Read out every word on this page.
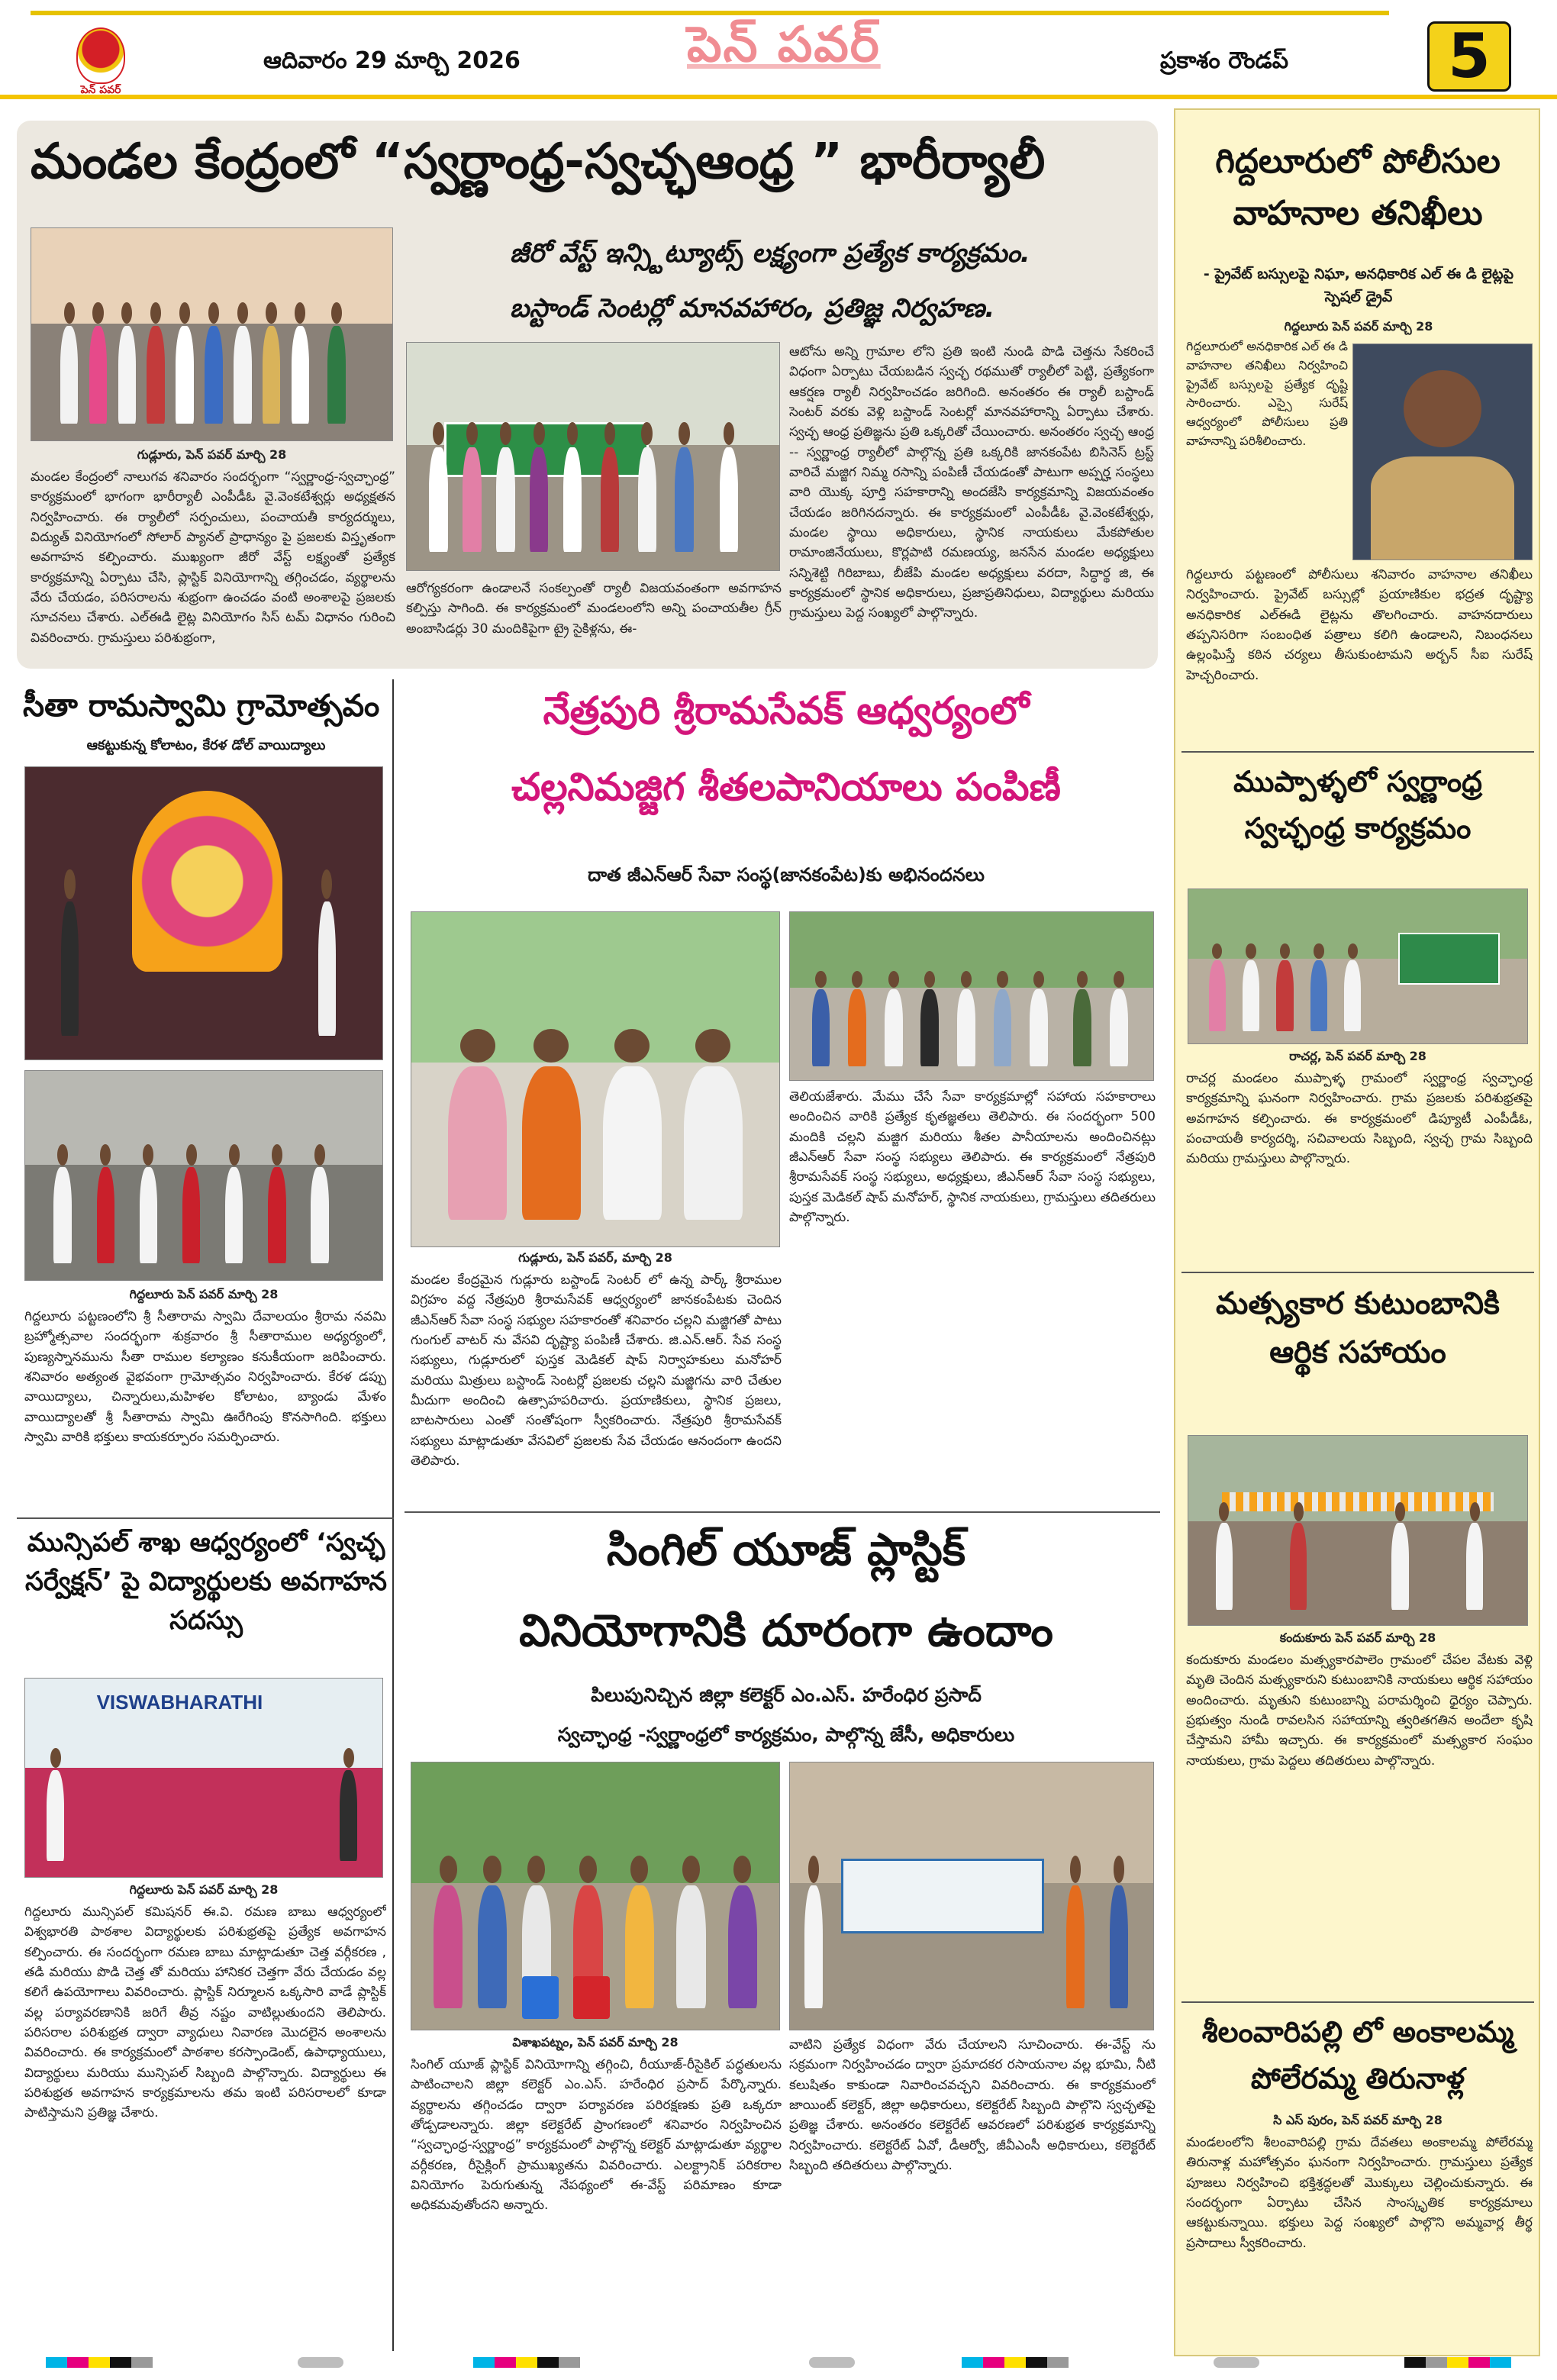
పెన్ పవర్
ఆదివారం 29 మార్చి 2026	పెన్ పవర్	ప్రకాశం రౌండప్	5
మండల కేంద్రంలో “స్వర్ణాంధ్ర-స్వచ్ఛఆంధ్ర ” భారీర్యాలీ
గుడ్లూరు, పెన్ పవర్ మార్చి 28
మండల కేంద్రంలో నాలుగవ శనివారం సందర్భంగా “స్వర్ణాంధ్ర-స్వచ్ఛాంధ్ర” కార్యక్రమంలో భాగంగా భారీర్యాలీ ఎంపీడీఓ వై.వెంకటేశ్వర్లు అధ్యక్షతన నిర్వహించారు. ఈ ర్యాలీలో సర్పంచులు, పంచాయతీ కార్యదర్శులు, విద్యుత్ వినియోగంలో సోలార్ ప్యానల్ ప్రాధాన్యం పై ప్రజలకు విస్తృతంగా అవగాహన కల్పించారు. ముఖ్యంగా జీరో వేస్ట్ లక్ష్యంతో ప్రత్యేక కార్యక్రమాన్ని ఏర్పాటు చేసి, ప్లాస్టిక్ వినియోగాన్ని తగ్గించడం, వ్యర్థాలను వేరు చేయడం, పరిసరాలను శుభ్రంగా ఉంచడం వంటి అంశాలపై ప్రజలకు సూచనలు చేశారు. ఎల్ఈడి లైట్ల వినియోగం సిస్ టమ్ విధానం గురించి వివరించారు. గ్రామస్తులు పరిశుభ్రంగా,
జీరో వేస్ట్ ఇన్స్టిట్యూట్స్ లక్ష్యంగా ప్రత్యేక కార్యక్రమం.
బస్టాండ్ సెంటర్లో మానవహారం, ప్రతిజ్ఞ నిర్వహణ.
ఆరోగ్యకరంగా ఉండాలనే సంకల్పంతో ర్యాలీ విజయవంతంగా అవగాహన కల్పిస్తు సాగింది. ఈ కార్యక్రమంలో మండలంలోని అన్ని పంచాయతీల గ్రీన్ అంబాసిడర్లు 30 మందికిపైగా ట్రై సైకిళ్లను, ఈ-
ఆటోను అన్ని గ్రామాల లోని ప్రతి ఇంటి నుండి పొడి చెత్తను సేకరించే విధంగా ఏర్పాటు చేయబడిన స్వచ్ఛ రథముతో ర్యాలీలో పెట్టి, ప్రత్యేకంగా ఆకర్షణ ర్యాలీ నిర్వహించడం జరిగింది. అనంతరం ఈ ర్యాలీ బస్టాండ్ సెంటర్ వరకు వెళ్లి బస్టాండ్ సెంటర్లో మానవహారాన్ని ఏర్పాటు చేశారు. స్వచ్ఛ ఆంధ్ర ప్రతిజ్ఞను ప్రతి ఒక్కరితో చేయించారు. అనంతరం స్వచ్ఛ ఆంధ్ర -- స్వర్ణాంధ్ర ర్యాలీలో పాల్గొన్న ప్రతి ఒక్కరికి జానకంపేట బిసినెస్ ట్రస్ట్ వారిచే మజ్జిగ నిమ్మ రసాన్ని పంపిణీ చేయడంతో పాటుగా అప్పర్హ సంస్థలు వారి యొక్క పూర్తి సహకారాన్ని అందజేసి కార్యక్రమాన్ని విజయవంతం చేయడం జరిగినదన్నారు. ఈ కార్యక్రమంలో ఎంపీడీఓ వై.వెంకటేశ్వర్లు, మండల స్థాయి అధికారులు, స్థానిక నాయకులు మేకపోతుల రామాంజినేయులు, కొర్లపాటి రమణయ్య, జనసేన మండల అధ్యక్షులు సన్నిశెట్టి గిరిబాబు, బీజేపి మండల అధ్యక్షులు వరదా, సిద్ధార్థ జి, ఈ కార్యక్రమంలో స్థానిక అధికారులు, ప్రజాప్రతినిధులు, విద్యార్థులు మరియు గ్రామస్తులు పెద్ద సంఖ్యలో పాల్గొన్నారు.
సీతా రామస్వామి గ్రామోత్సవం
ఆకట్టుకున్న కోలాటం, కేరళ డోల్ వాయిద్యాలు
గిద్దలూరు పెన్ పవర్ మార్చి 28
గిద్దలూరు పట్టణంలోని శ్రీ సీతారామ స్వామి దేవాలయం శ్రీరామ నవమి బ్రహ్మోత్సవాల సందర్భంగా శుక్రవారం శ్రీ సీతారాముల అధ్యర్యంలో, పుణ్యస్నానమును సీతా రాముల కల్యాణం కనుకీయంగా జరిపించారు. శనివారం అత్యంత వైభవంగా గ్రామోత్సవం నిర్వహించారు. కేరళ డప్పు వాయిద్యాలు, చిన్నారులు,మహిళల కోలాటం, బ్యాండు మేళం వాయిద్యాలతో శ్రీ సీతారామ స్వామి ఊరేగింపు కొనసాగింది. భక్తులు స్వామి వారికి భక్తులు కాయకర్పూరం సమర్పించారు.
మున్సిపల్ శాఖ ఆధ్వర్యంలో ‘స్వచ్ఛ సర్వేక్షన్’ పై విద్యార్థులకు అవగాహన సదస్సు
VISWABHARATHI
గిద్దలూరు పెన్ పవర్ మార్చి 28
గిద్దలూరు మున్సిపల్ కమిషనర్ ఈ.వి. రమణ బాబు ఆధ్వర్యంలో విశ్వభారతి పాఠశాల విద్యార్థులకు పరిశుభ్రతపై ప్రత్యేక అవగాహన కల్పించారు. ఈ సందర్భంగా రమణ బాబు మాట్లాడుతూ చెత్త వర్గీకరణ , తడి మరియు పొడి చెత్త తో మరియు హానికర చెత్తగా వేరు చేయడం వల్ల కలిగే ఉపయోగాలు వివరించారు. ప్లాస్టిక్ నిర్మూలన ఒక్కసారి వాడే ప్లాస్టిక్ వల్ల పర్యావరణానికి జరిగే తీవ్ర నష్టం వాటిల్లుతుందని తెలిపారు. పరిసరాల పరిశుభ్రత ద్వారా వ్యాధులు నివారణ మొదలైన అంశాలను వివరించారు. ఈ కార్యక్రమంలో పాఠశాల కరస్పాండెంట్, ఉపాధ్యాయులు, విద్యార్థులు మరియు మున్సిపల్ సిబ్బంది పాల్గొన్నారు. విద్యార్థులు ఈ పరిశుభ్రత అవగాహన కార్యక్రమాలను తమ ఇంటి పరిసరాలలో కూడా పాటిస్తామని ప్రతిజ్ఞ చేశారు.
నేత్రపురి శ్రీరామసేవక్ ఆధ్వర్యంలో
చల్లనిమజ్జిగ శీతలపానియాలు పంపిణీ
దాత జీఎన్ఆర్ సేవా సంస్థ(జానకంపేట)కు అభినందనలు
గుడ్లూరు, పెన్ పవర్, మార్చి 28
మండల కేంద్రమైన గుడ్లూరు బస్టాండ్ సెంటర్ లో ఉన్న పార్క్ శ్రీరాముల విగ్రహం వద్ద నేత్రపురి శ్రీరామసేవక్ ఆధ్వర్యంలో జానకంపేటకు చెందిన జీఎన్ఆర్ సేవా సంస్థ సభ్యుల సహకారంతో శనివారం చల్లని మజ్జిగతో పాటు గుంగుల్ వాటర్ ను వేసవి దృష్ట్యా పంపిణీ చేశారు. జి.ఎన్.ఆర్. సేవ సంస్థ సభ్యులు, గుడ్లూరులో పుస్తక మెడికల్ షాప్ నిర్వాహకులు మనోహర్ మరియు మిత్రులు బస్టాండ్ సెంటర్లో ప్రజలకు చల్లని మజ్జిగను వారి చేతుల మీదుగా అందించి ఉత్సాహపరిచారు. ప్రయాణికులు, స్థానిక ప్రజలు, బాటసారులు ఎంతో సంతోషంగా స్వీకరించారు. నేత్రపురి శ్రీరామసేవక్ సభ్యులు మాట్లాడుతూ వేసవిలో ప్రజలకు సేవ చేయడం ఆనందంగా ఉందని తెలిపారు.
తెలియజేశారు. మేము చేసే సేవా కార్యక్రమాల్లో సహాయ సహకారాలు అందించిన వారికి ప్రత్యేక కృతజ్ఞతలు తెలిపారు. ఈ సందర్భంగా 500 మందికి చల్లని మజ్జిగ మరియు శీతల పానీయాలను అందించినట్లు జీఎన్ఆర్ సేవా సంస్థ సభ్యులు తెలిపారు. ఈ కార్యక్రమంలో నేత్రపురి శ్రీరామసేవక్ సంస్థ సభ్యులు, అధ్యక్షులు, జీఎన్ఆర్ సేవా సంస్థ సభ్యులు, పుస్తక మెడికల్ షాప్ మనోహర్, స్థానిక నాయకులు, గ్రామస్తులు తదితరులు పాల్గొన్నారు.
సింగిల్ యూజ్ ప్లాస్టిక్
వినియోగానికి దూరంగా ఉందాం
పిలుపునిచ్చిన జిల్లా కలెక్టర్ ఎం.ఎస్. హరేంధిర ప్రసాద్
స్వచ్ఛాంధ్ర -స్వర్ణాంధ్రలో కార్యక్రమం, పాల్గొన్న జేసీ, అధికారులు
విశాఖపట్నం, పెన్ పవర్ మార్చి 28
సింగిల్ యూజ్ ప్లాస్టిక్ వినియోగాన్ని తగ్గించి, రీయూజ్-రీసైకిల్ పద్ధతులను పాటించాలని జిల్లా కలెక్టర్ ఎం.ఎస్. హరేంధిర ప్రసాద్ పేర్కొన్నారు. వ్యర్థాలను తగ్గించడం ద్వారా పర్యావరణ పరిరక్షణకు ప్రతి ఒక్కరూ తోడ్పడాలన్నారు. జిల్లా కలెక్టరేట్ ప్రాంగణంలో శనివారం నిర్వహించిన “స్వచ్ఛాంధ్ర-స్వర్ణాంధ్ర” కార్యక్రమంలో పాల్గొన్న కలెక్టర్ మాట్లాడుతూ వ్యర్థాల వర్గీకరణ, రీసైక్లింగ్ ప్రాముఖ్యతను వివరించారు. ఎలక్ట్రానిక్ పరికరాల వినియోగం పెరుగుతున్న నేపథ్యంలో ఈ-వేస్ట్ పరిమాణం కూడా అధికమవుతోందని అన్నారు.
వాటిని ప్రత్యేక విధంగా వేరు చేయాలని సూచించారు. ఈ-వేస్ట్ ను సక్రమంగా నిర్వహించడం ద్వారా ప్రమాదకర రసాయనాల వల్ల భూమి, నీటి కలుషితం కాకుండా నివారించవచ్చని వివరించారు. ఈ కార్యక్రమంలో జాయింట్ కలెక్టర్, జిల్లా అధికారులు, కలెక్టరేట్ సిబ్బంది పాల్గొని స్వచ్ఛతపై ప్రతిజ్ఞ చేశారు. అనంతరం కలెక్టరేట్ ఆవరణలో పరిశుభ్రత కార్యక్రమాన్ని నిర్వహించారు. కలెక్టరేట్ ఏవో, డీఆర్వో, జీవీఎంసీ అధికారులు, కలెక్టరేట్ సిబ్బంది తదితరులు పాల్గొన్నారు.
గిద్దలూరులో పోలీసుల వాహనాల తనిఖీలు
- ప్రైవేట్ బస్సులపై నిఘా, అనధికారిక ఎల్ ఈ డి లైట్లపై స్పెషల్ డ్రైవ్
గిద్దలూరు పెన్ పవర్ మార్చి 28
గిద్దలూరులో అనధికారిక ఎల్ ఈ డి వాహనాల తనిఖీలు నిర్వహించి ప్రైవేట్ బస్సులపై ప్రత్యేక దృష్టి సారించారు. ఎస్సై సురేష్ ఆధ్వర్యంలో పోలీసులు ప్రతి వాహనాన్ని పరిశీలించారు.
గిద్దలూరు పట్టణంలో పోలీసులు శనివారం వాహనాల తనిఖీలు నిర్వహించారు. ప్రైవేట్ బస్సుల్లో ప్రయాణికుల భద్రత దృష్ట్యా అనధికారిక ఎల్ఈడి లైట్లను తొలగించారు. వాహనదారులు తప్పనిసరిగా సంబంధిత పత్రాలు కలిగి ఉండాలని, నిబంధనలు ఉల్లంఘిస్తే కఠిన చర్యలు తీసుకుంటామని అర్బన్ సీఐ సురేష్ హెచ్చరించారు.
ముప్పాళ్ళలో స్వర్ణాంధ్ర స్వచ్ఛంధ్ర కార్యక్రమం
రాచర్ల, పెన్ పవర్ మార్చి 28
రాచర్ల మండలం ముప్పాళ్ళ గ్రామంలో స్వర్ణాంధ్ర స్వచ్ఛాంధ్ర కార్యక్రమాన్ని ఘనంగా నిర్వహించారు. గ్రామ ప్రజలకు పరిశుభ్రతపై అవగాహన కల్పించారు. ఈ కార్యక్రమంలో డిప్యూటీ ఎంపీడీఓ, పంచాయతీ కార్యదర్శి, సచివాలయ సిబ్బంది, స్వచ్ఛ గ్రామ సిబ్బంది మరియు గ్రామస్తులు పాల్గొన్నారు.
మత్స్యకార కుటుంబానికి ఆర్థిక సహాయం
కందుకూరు పెన్ పవర్ మార్చి 28
కందుకూరు మండలం మత్స్యకారపాలెం గ్రామంలో చేపల వేటకు వెళ్లి మృతి చెందిన మత్స్యకారుని కుటుంబానికి నాయకులు ఆర్థిక సహాయం అందించారు. మృతుని కుటుంబాన్ని పరామర్శించి ధైర్యం చెప్పారు. ప్రభుత్వం నుండి రావలసిన సహాయాన్ని త్వరితగతిన అందేలా కృషి చేస్తామని హామీ ఇచ్చారు. ఈ కార్యక్రమంలో మత్స్యకార సంఘం నాయకులు, గ్రామ పెద్దలు తదితరులు పాల్గొన్నారు.
శీలంవారిపల్లి లో అంకాలమ్మ పోలేరమ్మ తిరునాళ్ల
సి ఎస్ పురం, పెన్ పవర్ మార్చి 28
మండలంలోని శీలంవారిపల్లి గ్రామ దేవతలు అంకాలమ్మ పోలేరమ్మ తిరునాళ్ల మహోత్సవం ఘనంగా నిర్వహించారు. గ్రామస్తులు ప్రత్యేక పూజలు నిర్వహించి భక్తిశ్రద్ధలతో మొక్కులు చెల్లించుకున్నారు. ఈ సందర్భంగా ఏర్పాటు చేసిన సాంస్కృతిక కార్యక్రమాలు ఆకట్టుకున్నాయి. భక్తులు పెద్ద సంఖ్యలో పాల్గొని అమ్మవార్ల తీర్థ ప్రసాదాలు స్వీకరించారు.
